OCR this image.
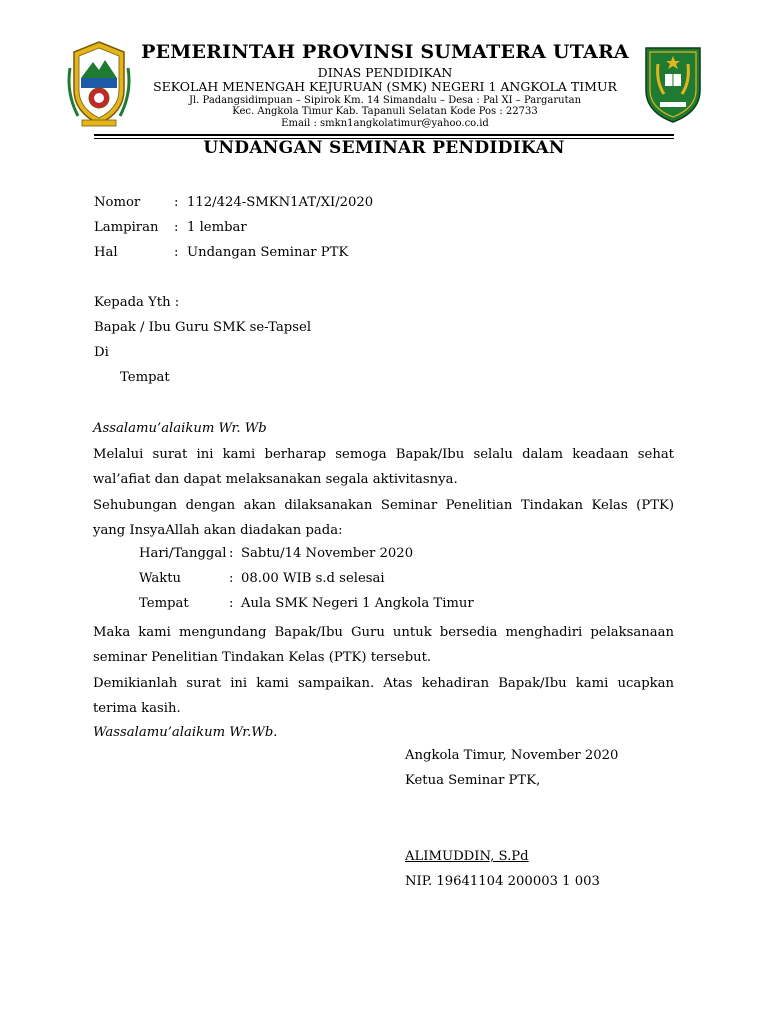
PEMERINTAH PROVINSI SUMATERA UTARA
DINAS PENDIDIKAN
SEKOLAH MENENGAH KEJURUAN (SMK) NEGERI 1 ANGKOLA TIMUR
Jl. Padangsidimpuan – Sipirok Km. 14 Simandalu – Desa : Pal XI – Pargarutan
Kec. Angkola Timur Kab. Tapanuli Selatan Kode Pos : 22733
Email : smkn1angkolatimur@yahoo.co.id
UNDANGAN SEMINAR PENDIDIKAN
Nomor	: 112/424-SMKN1AT/XI/2020
Lampiran : 1 lembar
Hal	: Undangan Seminar PTK
Kepada Yth :
Bapak / Ibu Guru SMK se-Tapsel
Di
Tempat
Assalamu’alaikum Wr. Wb
Melalui surat ini kami berharap semoga Bapak/Ibu selalu dalam keadaan sehat wal’afiat dan dapat melaksanakan segala aktivitasnya.
Sehubungan dengan akan dilaksanakan Seminar Penelitian Tindakan Kelas (PTK) yang InsyaAllah akan diadakan pada:
Hari/Tanggal : Sabtu/14 November 2020
Waktu	: 08.00 WIB s.d selesai
Tempat	: Aula SMK Negeri 1 Angkola Timur
Maka kami mengundang Bapak/Ibu Guru untuk bersedia menghadiri pelaksanaan seminar Penelitian Tindakan Kelas (PTK) tersebut.
Demikianlah surat ini kami sampaikan. Atas kehadiran Bapak/Ibu kami ucapkan terima kasih.
Wassalamu’alaikum Wr.Wb.
Angkola Timur, November 2020
Ketua Seminar PTK,
ALIMUDDIN, S.Pd
NIP. 19641104 200003 1 003
